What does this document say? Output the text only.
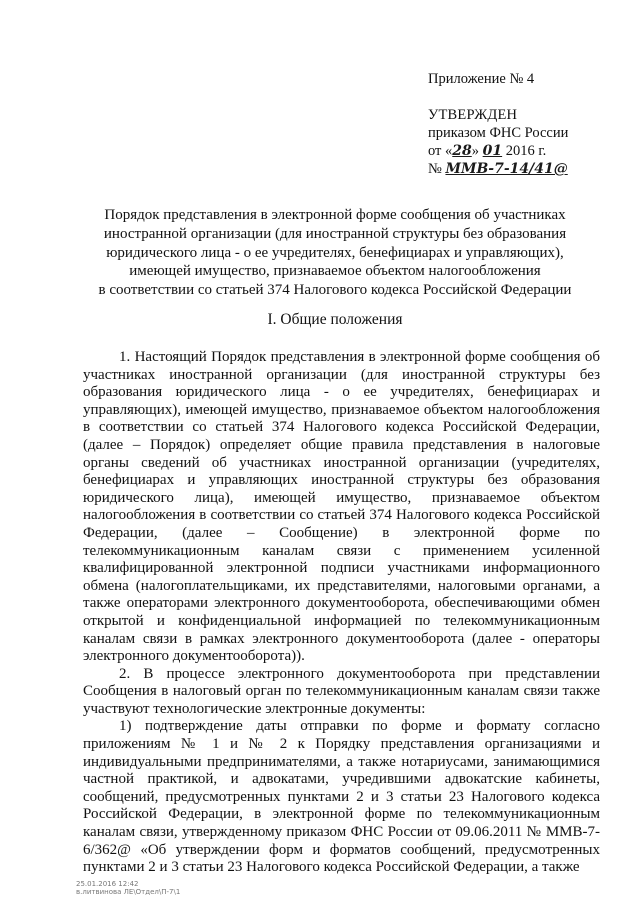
Приложение № 4
УТВЕРЖДЕН
приказом ФНС России
от «28» 01 2016 г.
№ ММВ-7-14/41@
Порядок представления в электронной форме сообщения об участниках
иностранной организации (для иностранной структуры без образования
юридического лица - о ее учредителях, бенефициарах и управляющих),
имеющей имущество, признаваемое объектом налогообложения
в соответствии со статьей 374 Налогового кодекса Российской Федерации
I. Общие положения

1. Настоящий Порядок представления в электронной форме сообщения об участниках иностранной организации (для иностранной структуры без образования юридического лица - о ее учредителях, бенефициарах и управляющих), имеющей имущество, признаваемое объектом налогообложения в соответствии со статьей 374 Налогового кодекса Российской Федерации, (далее – Порядок) определяет общие правила представления в налоговые органы сведений об участниках иностранной организации (учредителях, бенефициарах и управляющих иностранной структуры без образования юридического лица), имеющей имущество, признаваемое объектом налогообложения в соответствии со статьей 374 Налогового кодекса Российской Федерации, (далее – Сообщение) в электронной форме по телекоммуникационным каналам связи с применением усиленной квалифицированной электронной подписи участниками информационного обмена (налогоплательщиками, их представителями, налоговыми органами, а также операторами электронного документооборота, обеспечивающими обмен открытой и конфиденциальной информацией по телекоммуникационным каналам связи в рамках электронного документооборота (далее - операторы электронного документооборота)).

2. В процессе электронного документооборота при представлении Сообщения в налоговый орган по телекоммуникационным каналам связи также участвуют технологические электронные документы:

1) подтверждение даты отправки по форме и формату согласно приложениям № 1 и № 2 к Порядку представления организациями и индивидуальными предпринимателями, а также нотариусами, занимающимися частной практикой, и адвокатами, учредившими адвокатские кабинеты, сообщений, предусмотренных пунктами 2 и 3 статьи 23 Налогового кодекса Российской Федерации, в электронной форме по телекоммуникационным каналам связи, утвержденному приказом ФНС России от 09.06.2011 № ММВ-7-6/362@ «Об утверждении форм и форматов сообщений, предусмотренных пунктами 2 и 3 статьи 23 Налогового кодекса Российской Федерации, а также

25.01.2016 12:42
в.литвинова ЛЕ\Отдел\П-7\1
